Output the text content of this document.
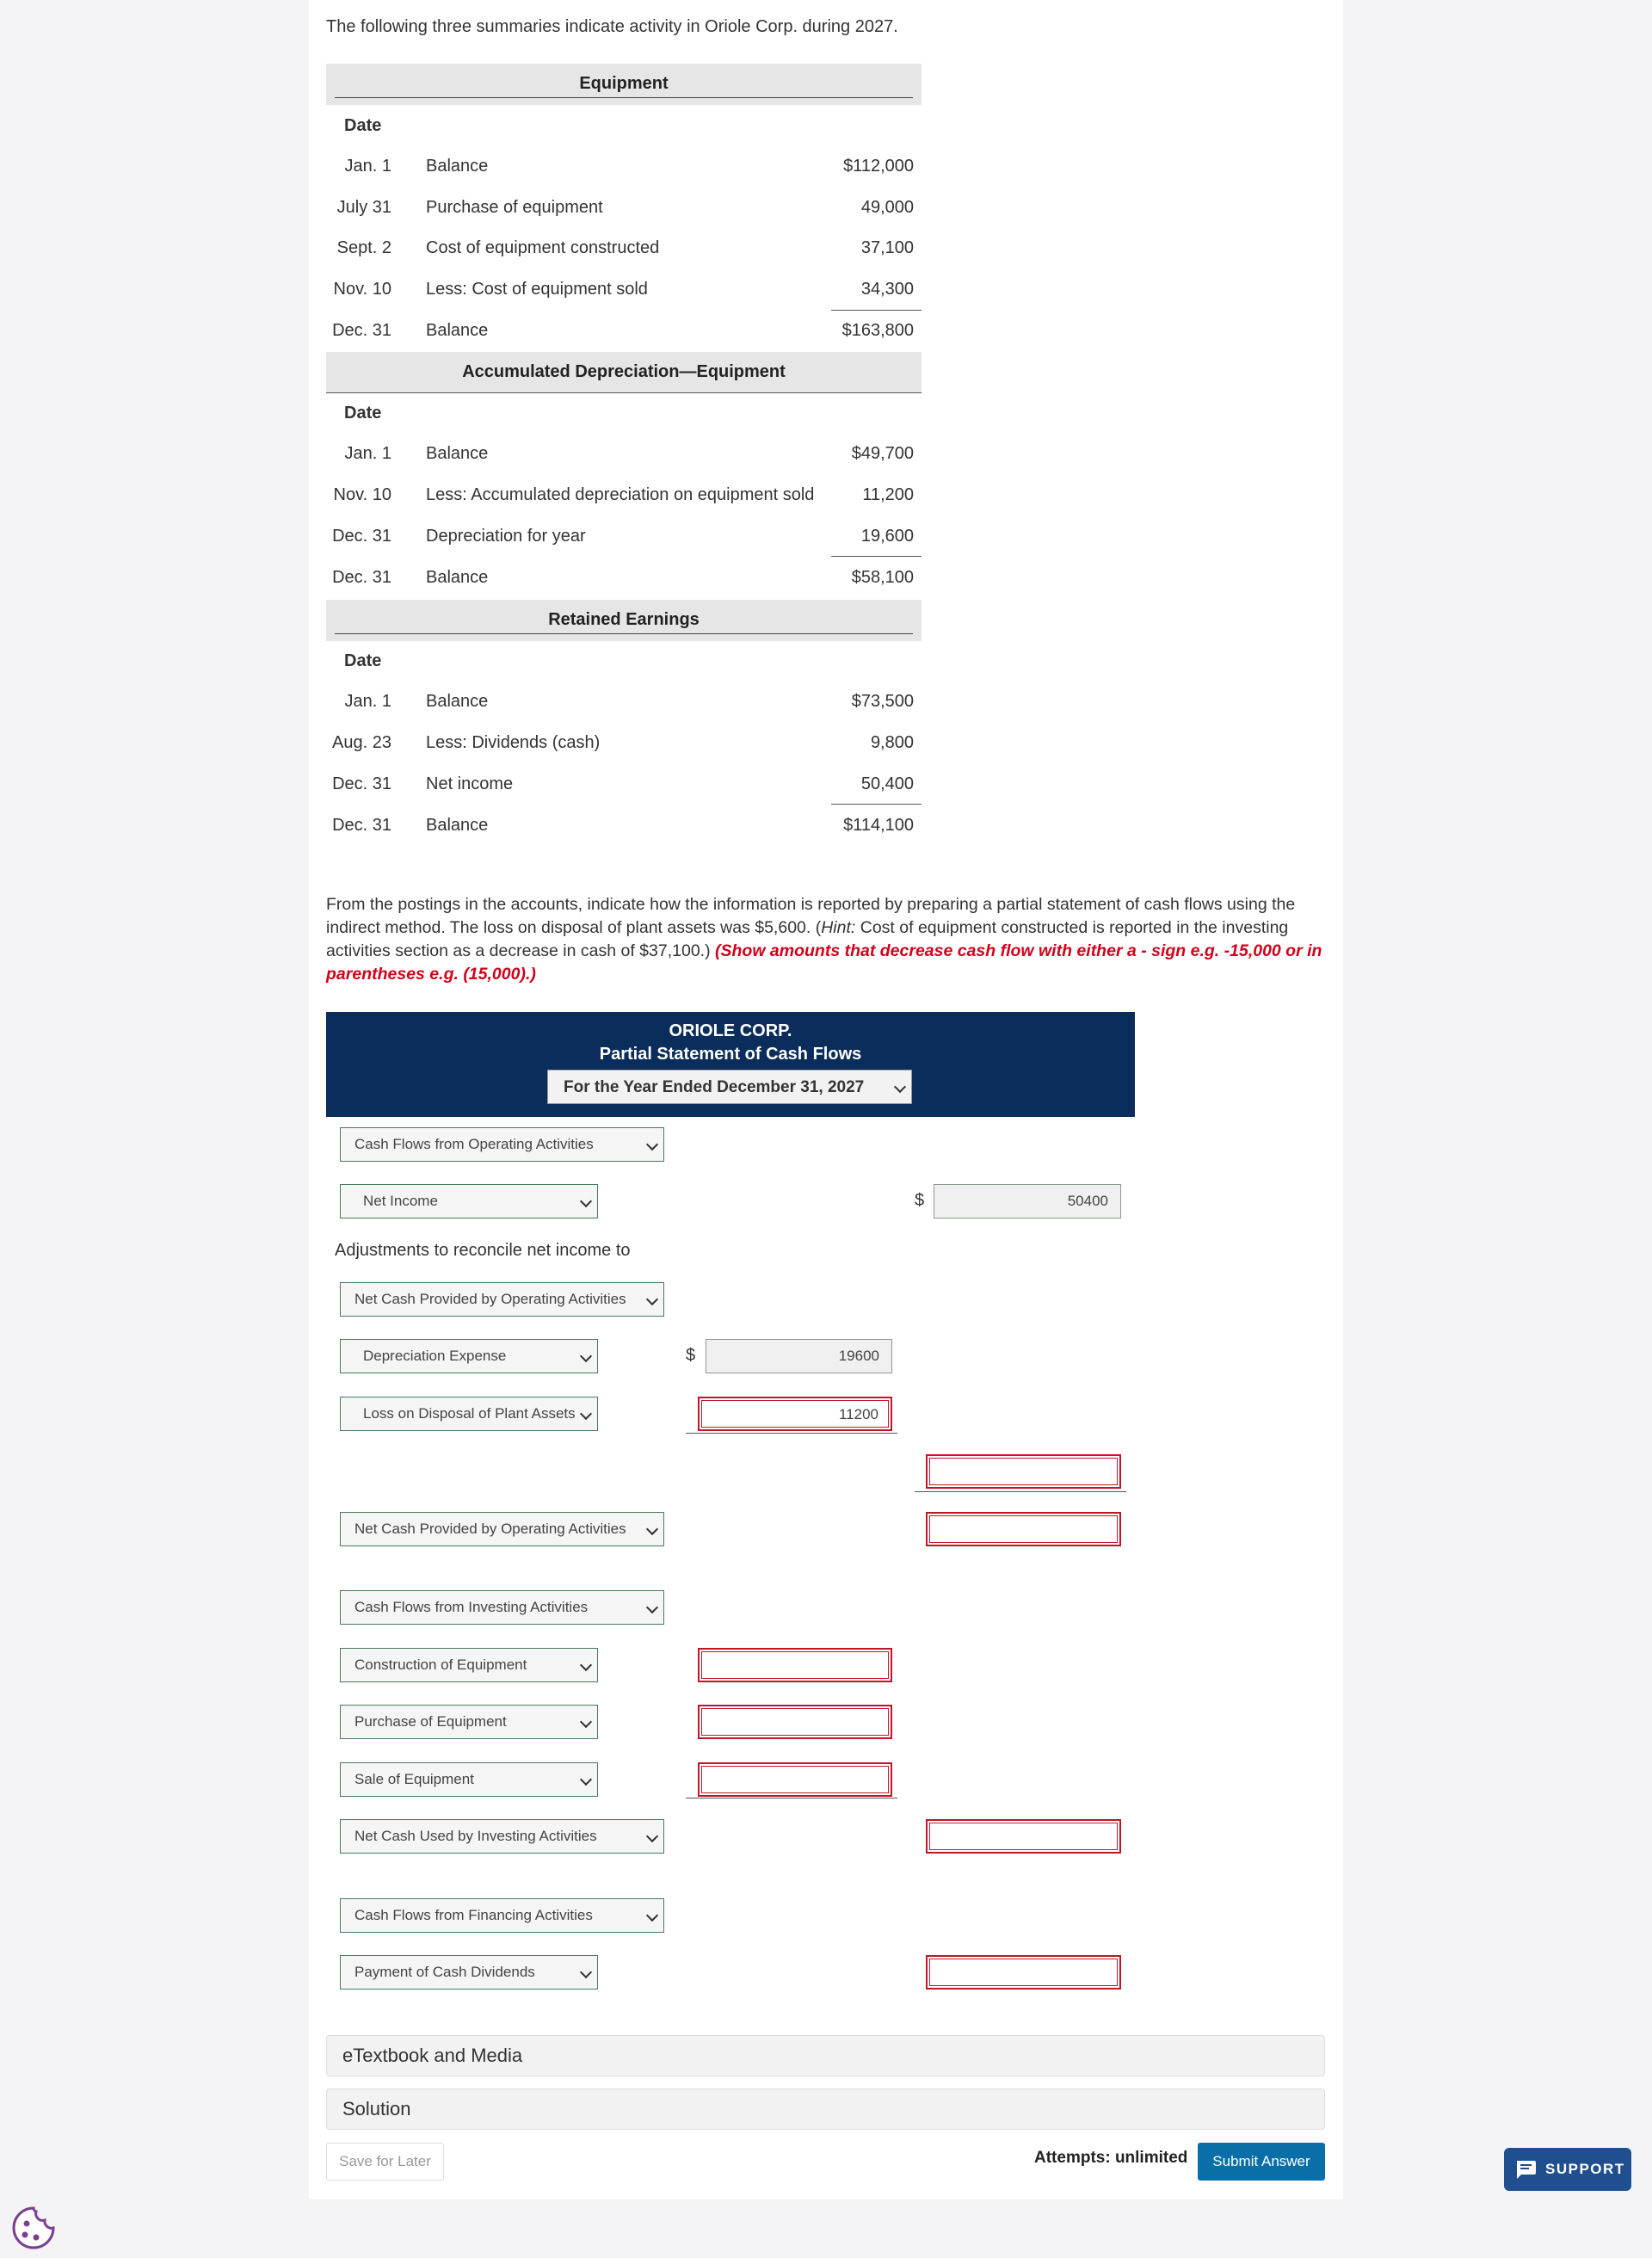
The following three summaries indicate activity in Oriole Corp. during 2027.
Equipment
Date
Jan. 1 Balance	$112,000
July 31 Purchase of equipment	49,000
Sept. 2 Cost of equipment constructed	37,100
Nov. 10 Less: Cost of equipment sold	34,300
Dec. 31 Balance	$163,800
Accumulated Depreciation—Equipment
Date
Jan. 1 Balance	$49,700
Nov. 10 Less: Accumulated depreciation on equipment sold	11,200
Dec. 31 Depreciation for year	19,600
Dec. 31 Balance	$58,100
Retained Earnings
Date
Jan. 1 Balance	$73,500
Aug. 23 Less: Dividends (cash)	9,800
Dec. 31 Net income	50,400
Dec. 31 Balance	$114,100
From the postings in the accounts, indicate how the information is reported by preparing a partial statement of cash flows using the indirect method. The loss on disposal of plant assets was $5,600. (Hint: Cost of equipment constructed is reported in the investing activities section as a decrease in cash of $37,100.) (Show amounts that decrease cash flow with either a - sign e.g. -15,000 or in parentheses e.g. (15,000).)
ORIOLE CORP.
Partial Statement of Cash Flows
For the Year Ended December 31, 2027
Cash Flows from Operating Activities
Net Income	$	50400
Adjustments to reconcile net income to
Net Cash Provided by Operating Activities
Depreciation Expense	$	19600
Loss on Disposal of Plant Assets	11200
Net Cash Provided by Operating Activities
Cash Flows from Investing Activities
Construction of Equipment
Purchase of Equipment
Sale of Equipment
Net Cash Used by Investing Activities
Cash Flows from Financing Activities
Payment of Cash Dividends
eTextbook and Media
Solution
Save for Later	Attempts: unlimited	Submit Answer	SUPPORT
